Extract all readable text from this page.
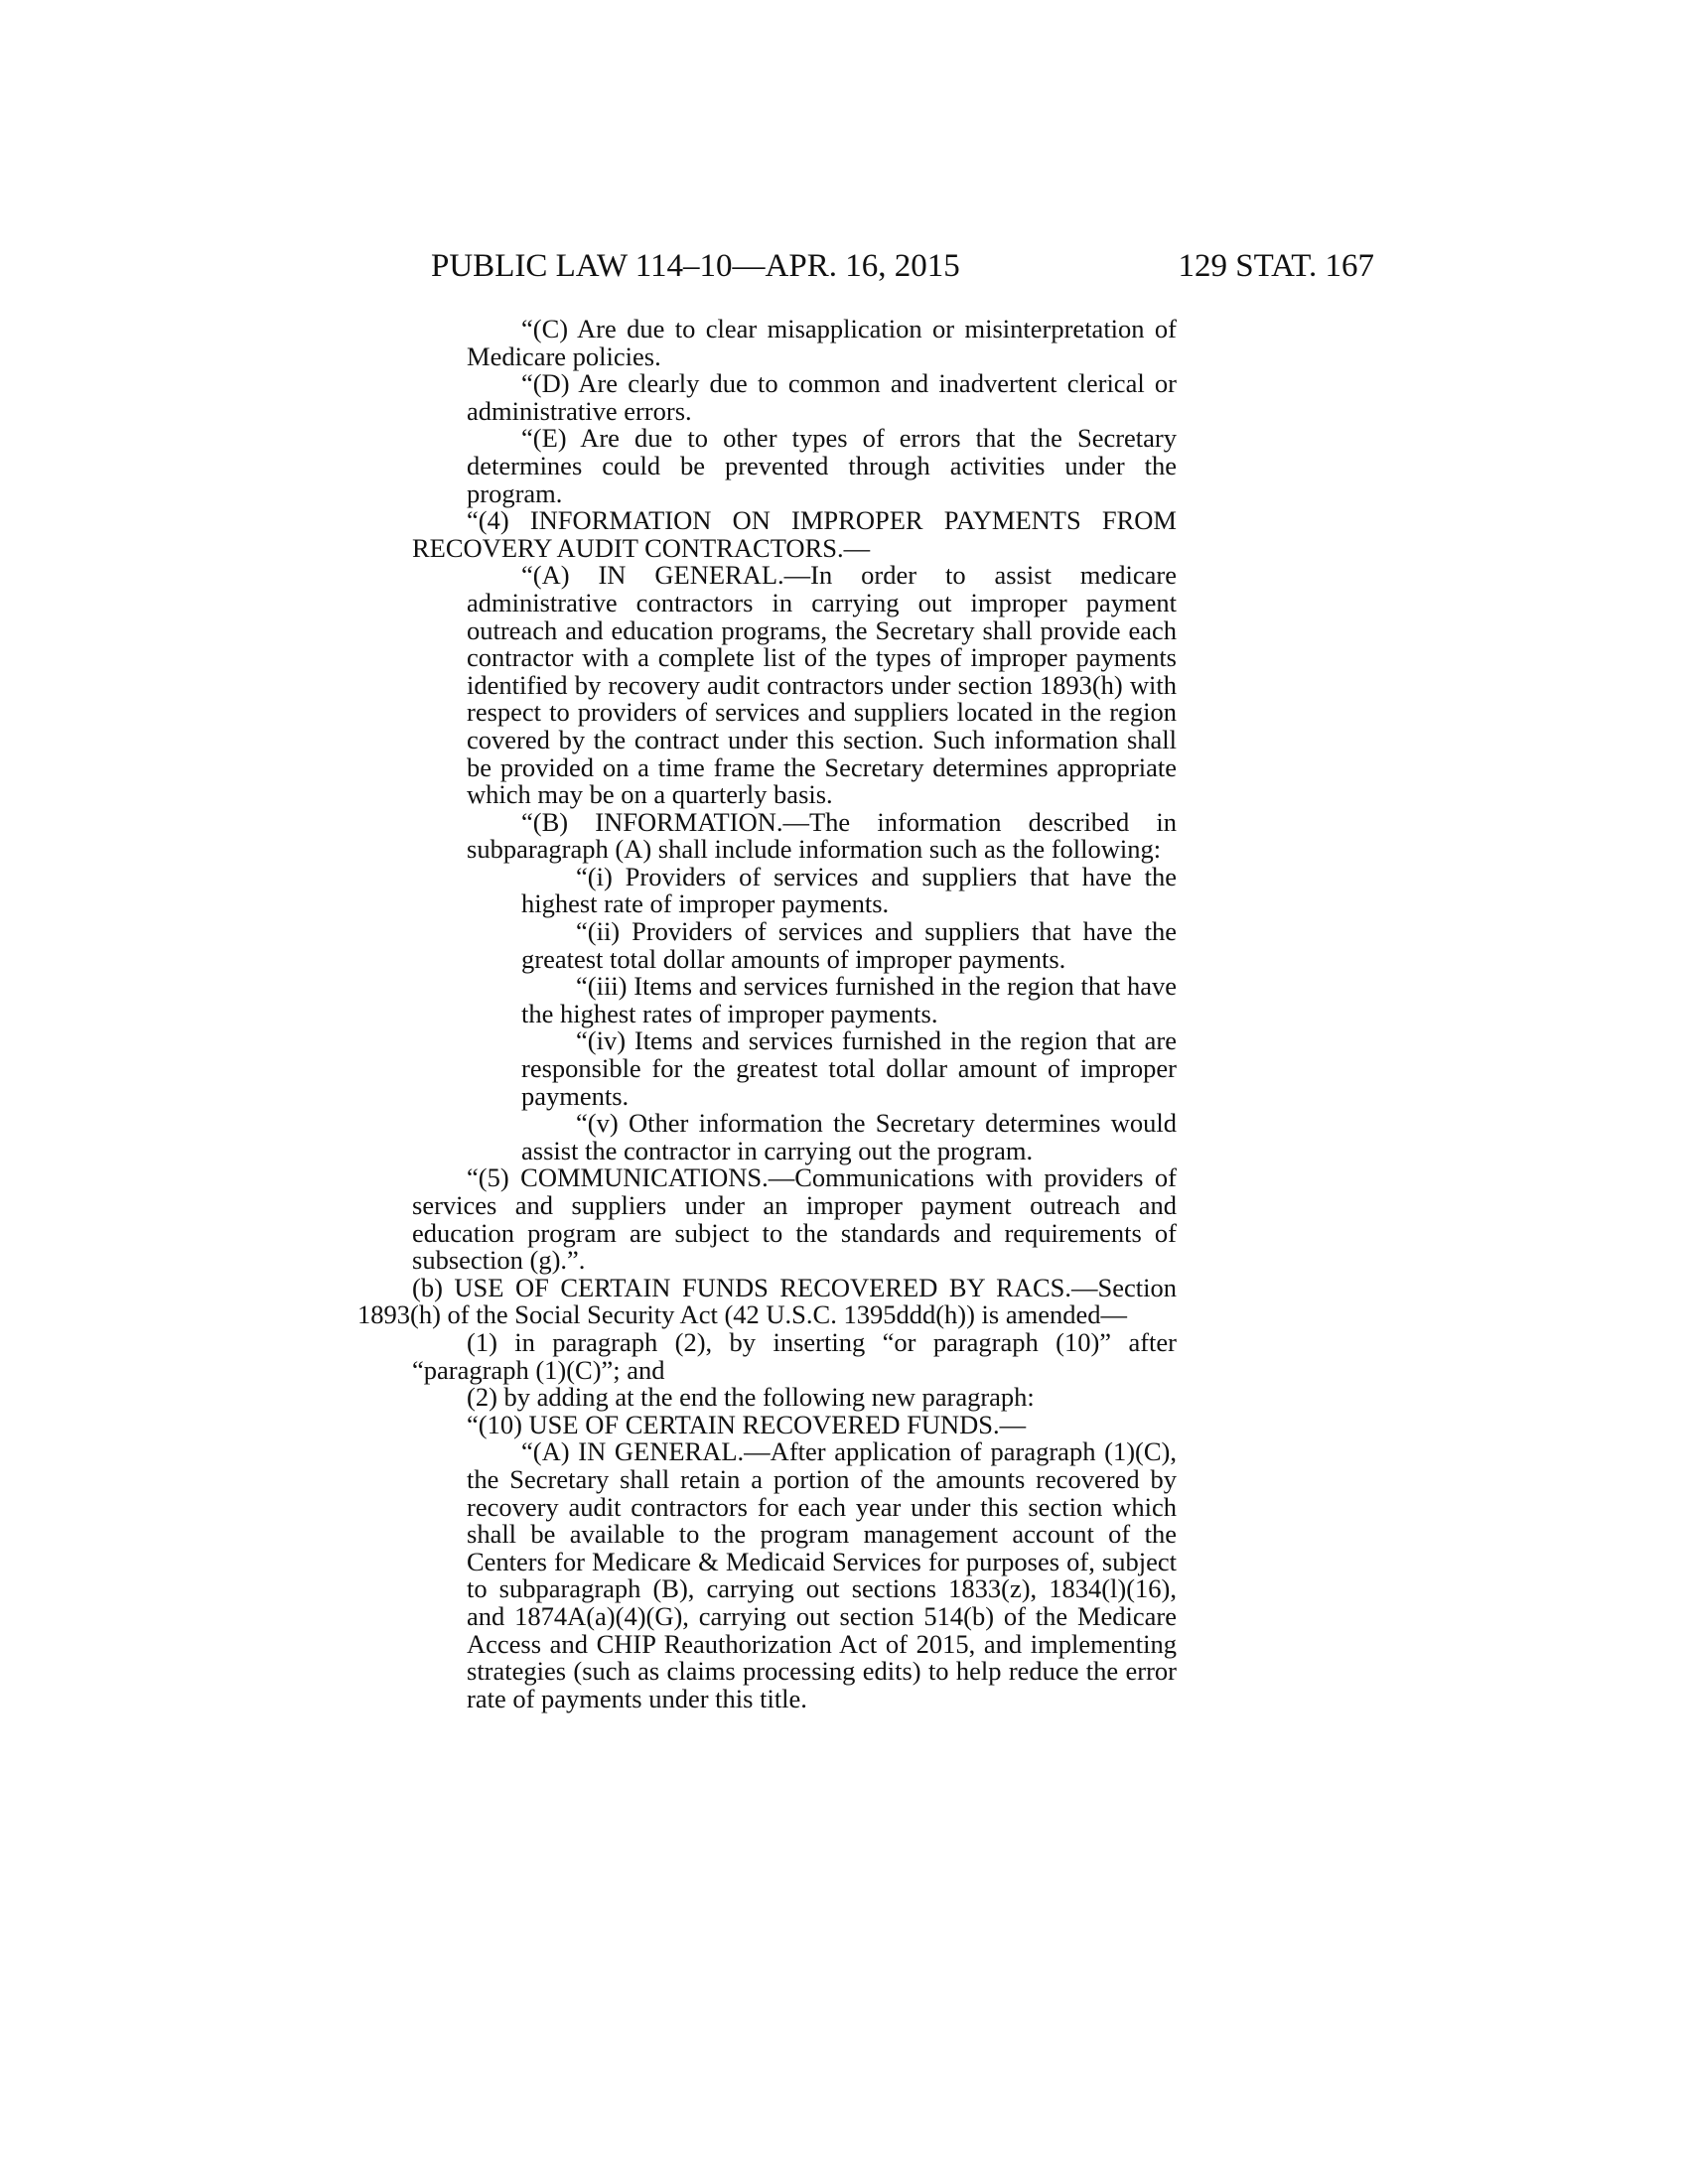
PUBLIC LAW 114–10—APR. 16, 2015	129 STAT. 167

“(C) Are due to clear misapplication or misinterpretation of Medicare policies.

“(D) Are clearly due to common and inadvertent clerical or administrative errors.

“(E) Are due to other types of errors that the Secretary determines could be prevented through activities under the program.

“(4) INFORMATION ON IMPROPER PAYMENTS FROM RECOVERY AUDIT CONTRACTORS.—

“(A) IN GENERAL.—In order to assist medicare administrative contractors in carrying out improper payment outreach and education programs, the Secretary shall provide each contractor with a complete list of the types of improper payments identified by recovery audit contractors under section 1893(h) with respect to providers of services and suppliers located in the region covered by the contract under this section. Such information shall be provided on a time frame the Secretary determines appropriate which may be on a quarterly basis.

“(B) INFORMATION.—The information described in subparagraph (A) shall include information such as the following:

“(i) Providers of services and suppliers that have the highest rate of improper payments.

“(ii) Providers of services and suppliers that have the greatest total dollar amounts of improper payments.

“(iii) Items and services furnished in the region that have the highest rates of improper payments.

“(iv) Items and services furnished in the region that are responsible for the greatest total dollar amount of improper payments.

“(v) Other information the Secretary determines would assist the contractor in carrying out the program.

“(5) COMMUNICATIONS.—Communications with providers of services and suppliers under an improper payment outreach and education program are subject to the standards and requirements of subsection (g).”.

(b) USE OF CERTAIN FUNDS RECOVERED BY RACS.—Section 1893(h) of the Social Security Act (42 U.S.C. 1395ddd(h)) is amended—

(1) in paragraph (2), by inserting “or paragraph (10)” after “paragraph (1)(C)”; and

(2) by adding at the end the following new paragraph:

“(10) USE OF CERTAIN RECOVERED FUNDS.—

“(A) IN GENERAL.—After application of paragraph (1)(C), the Secretary shall retain a portion of the amounts recovered by recovery audit contractors for each year under this section which shall be available to the program management account of the Centers for Medicare & Medicaid Services for purposes of, subject to subparagraph (B), carrying out sections 1833(z), 1834(l)(16), and 1874A(a)(4)(G), carrying out section 514(b) of the Medicare Access and CHIP Reauthorization Act of 2015, and implementing strategies (such as claims processing edits) to help reduce the error rate of payments under this title.
